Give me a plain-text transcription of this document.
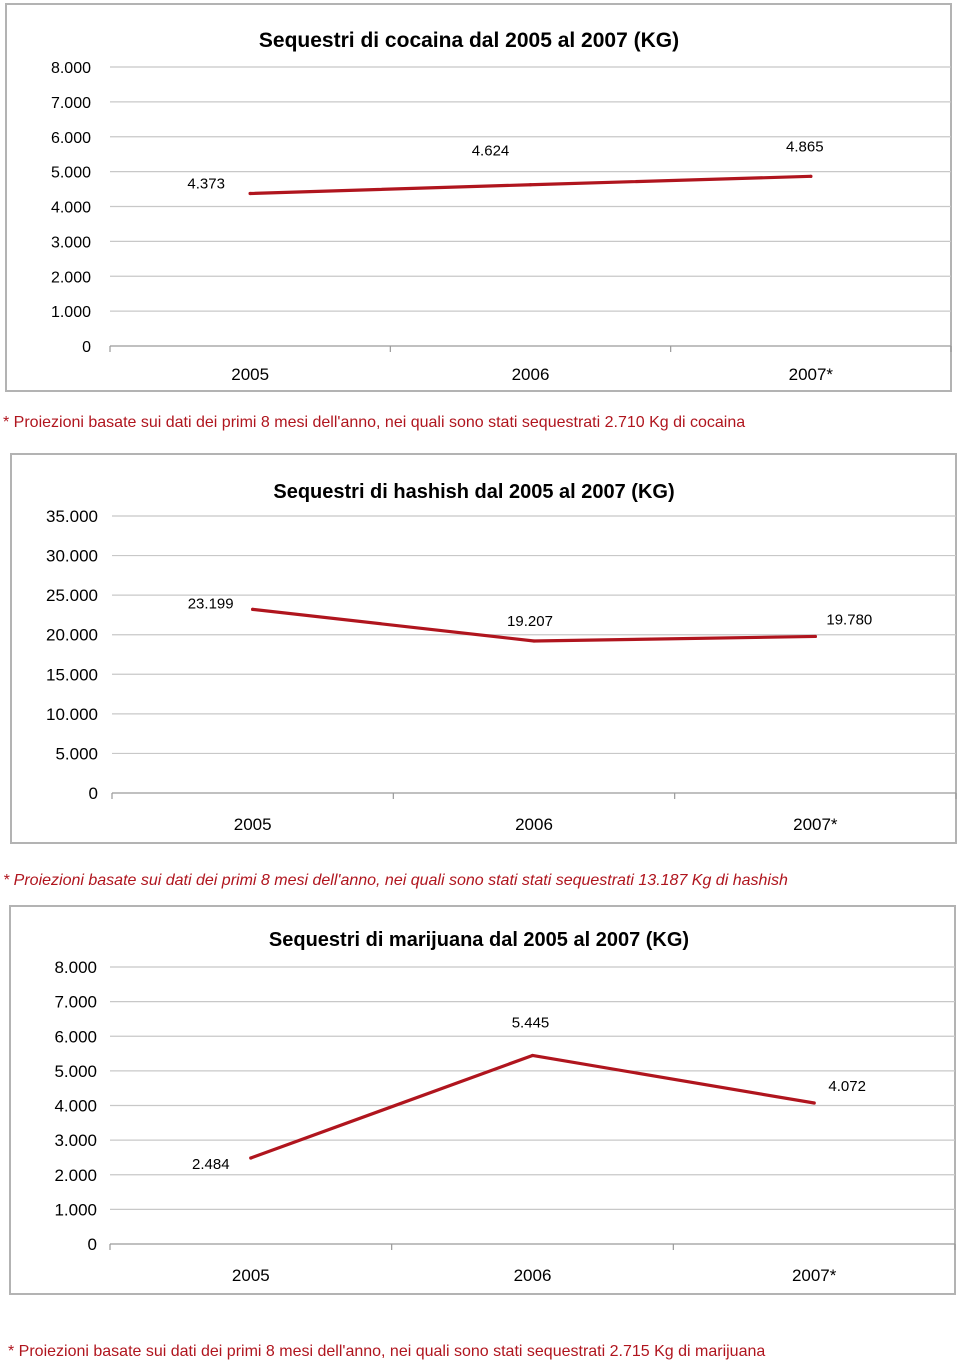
Sequestri di cocaina dal 2005 al 2007 (KG)
0
1.000
2.000
3.000
4.000
5.000
6.000
7.000
8.000
2005	2006	2007*
4.373
4.624	4.865
* Proiezioni basate sui dati dei primi 8 mesi dell'anno, nei quali sono stati sequestrati 2.710 Kg di cocaina
Sequestri di hashish dal 2005 al 2007 (KG)
0
5.000
10.000
15.000
20.000
25.000
30.000
35.000
2005	2006	2007*
23.199
19.207	19.780
* Proiezioni basate sui dati dei primi 8 mesi dell'anno, nei quali sono stati stati sequestrati 13.187 Kg di hashish
Sequestri di marijuana dal 2005 al 2007 (KG)
0
1.000
2.000
3.000
4.000
5.000
6.000
7.000
8.000
2005	2006	2007*
2.484
5.445
4.072
* Proiezioni basate sui dati dei primi 8 mesi dell'anno, nei quali sono stati sequestrati 2.715 Kg di marijuana
